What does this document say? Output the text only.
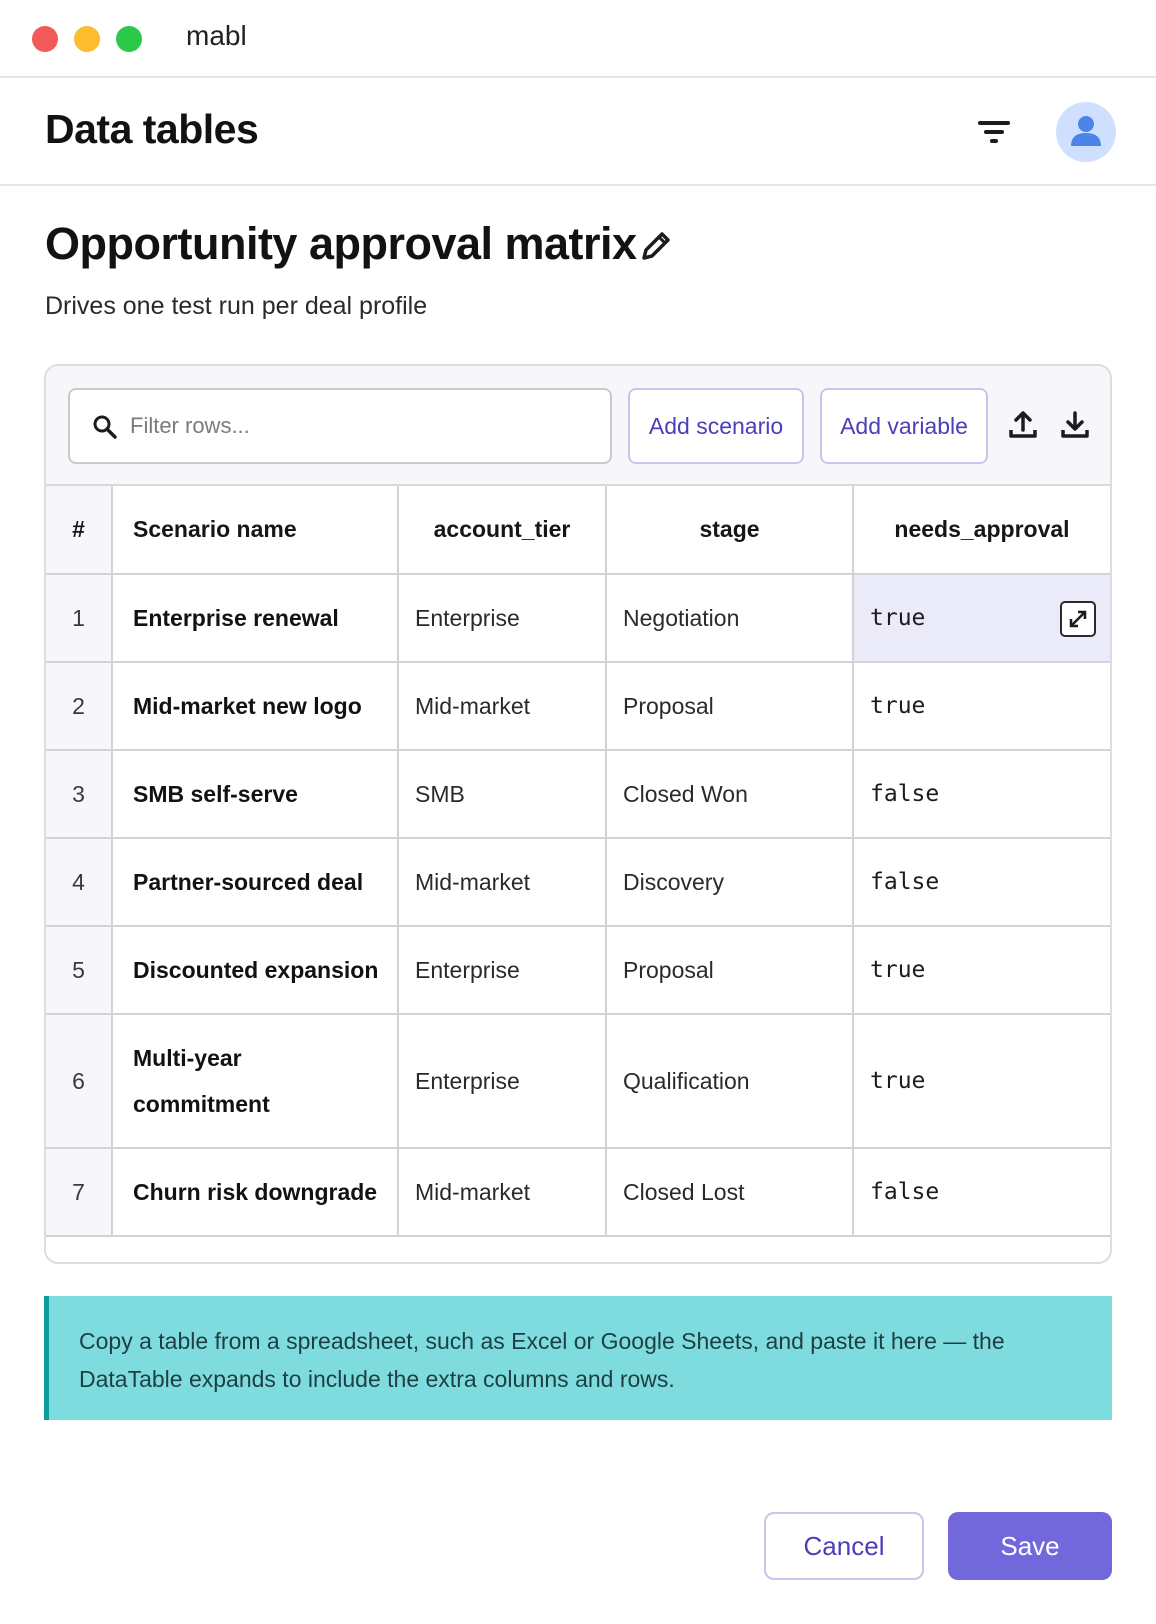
mabl
Data tables
Opportunity approval matrix

Drives one test run per deal profile

Filter rows...
Add scenario	Add variable
#	Scenario name	account_tier	stage	needs_approval
1	Enterprise renewal	Enterprise	Negotiation	true

2	Mid-market new logo	Mid-market	Proposal	true
3	SMB self-serve	SMB	Closed Won	false
4	Partner-sourced deal	Mid-market	Discovery	false
5	Discounted expansion	Enterprise	Proposal	true
6	Multi-year commitment	Enterprise	Qualification	true
7	Churn risk downgrade	Mid-market	Closed Lost	false
Copy a table from a spreadsheet, such as Excel or Google Sheets, and paste it here — the DataTable expands to include the extra columns and rows.
Cancel	Save
